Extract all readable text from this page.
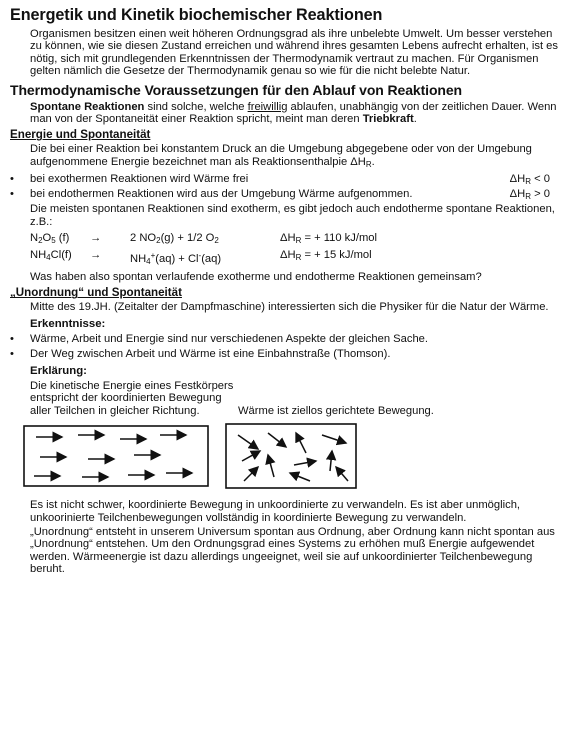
Energetik und Kinetik biochemischer Reaktionen

Organismen besitzen einen weit höheren Ordnungsgrad als ihre unbelebte Umwelt. Um besser verstehen zu können, wie sie diesen Zustand erreichen und während ihres gesamten Lebens aufrecht erhalten, ist es nötig, sich mit grundlegenden Erkenntnissen der Thermodynamik vertraut zu machen. Für Organismen gelten nämlich die Gesetze der Thermodynamik genau so wie für die nicht belebte Natur.

Thermodynamische Voraussetzungen für den Ablauf von Reaktionen

Spontane Reaktionen sind solche, welche freiwillig ablaufen, unabhängig von der zeitlichen Dauer. Wenn man von der Spontaneität einer Reaktion spricht, meint man deren Triebkraft.

Energie und Spontaneität

Die bei einer Reaktion bei konstantem Druck an die Umgebung abgegebene oder von der Umgebung aufgenommene Energie bezeichnet man als Reaktionsenthalpie $\Delta H_R$.

• bei exothermen Reaktionen wird Wärme frei	$\Delta H_R < 0$
• bei endothermen Reaktionen wird aus der Umgebung Wärme aufgenommen.	$\Delta H_R > 0$

Die meisten spontanen Reaktionen sind exotherm, es gibt jedoch auch endotherme spontane Reaktionen, z.B.:

$N_2O_5$ (f)	→	2 $NO_2(g) + 1/2$ $O_2$	$\Delta H_R$ = + 110 kJ/mol
$NH_4Cl(f)$	→	$NH_4^+(aq) + Cl^-(aq)$	$\Delta H_R$ = + 15 kJ/mol

Was haben also spontan verlaufende exotherme und endotherme Reaktionen gemeinsam?

„Unordnung“ und Spontaneität

Mitte des 19.JH. (Zeitalter der Dampfmaschine) interessierten sich die Physiker für die Natur der Wärme.

Erkenntnisse:
• Wärme, Arbeit und Energie sind nur verschiedenen Aspekte der gleichen Sache.
• Der Weg zwischen Arbeit und Wärme ist eine Einbahnstraße (Thomson).
Erklärung:

Die kinetische Energie eines Festkörpers entspricht der koordinierten Bewegung aller Teilchen in gleicher Richtung.	Wärme ist ziellos gerichtete Bewegung.

Es ist nicht schwer, koordinierte Bewegung in unkoordinierte zu verwandeln. Es ist aber unmöglich, unkoorinierte Teilchenbewegungen vollständig in koordinierte Bewegung zu verwandeln.

„Unordnung“ entsteht in unserem Universum spontan aus Ordnung, aber Ordnung kann nicht spontan aus „Unordnung“ entstehen. Um den Ordnungsgrad eines Systems zu erhöhen muß Energie aufgewendet werden. Wärmeenergie ist dazu allerdings ungeeignet, weil sie auf unkoordinierter Teilchenbewegung beruht.
